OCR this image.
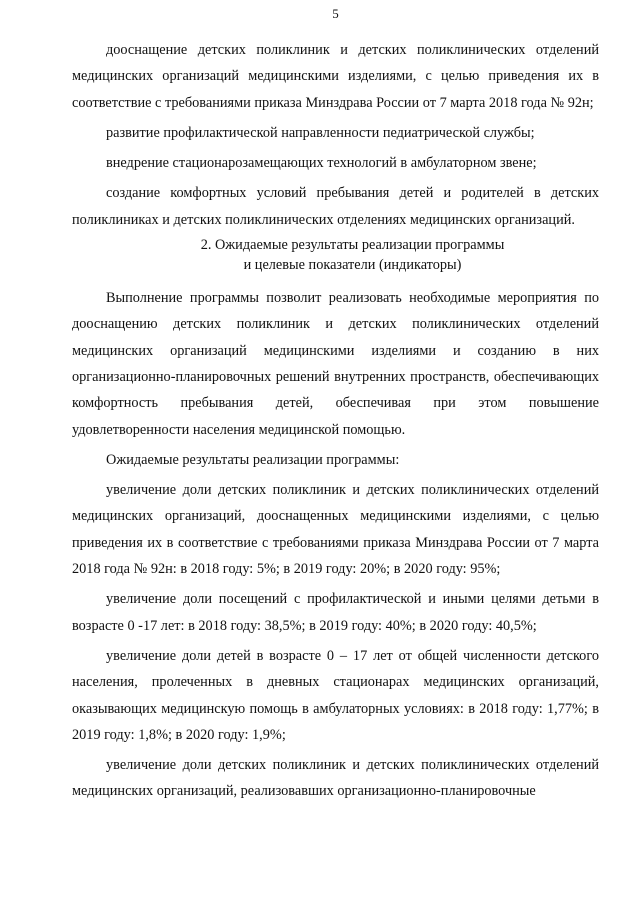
5

дооснащение детских поликлиник и детских поликлинических отделений медицинских организаций медицинскими изделиями, с целью приведения их в соответствие с требованиями приказа Минздрава России от 7 марта 2018 года № 92н;

развитие профилактической направленности педиатрической службы;

внедрение стационарозамещающих технологий в амбулаторном звене;

создание комфортных условий пребывания детей и родителей в детских поликлиниках и детских поликлинических отделениях медицинских организаций.

2. Ожидаемые результаты реализации программы
и целевые показатели (индикаторы)

Выполнение программы позволит реализовать необходимые мероприятия по дооснащению детских поликлиник и детских поликлинических отделений медицинских организаций медицинскими изделиями и созданию в них организационно-планировочных решений внутренних пространств, обеспечивающих комфортность пребывания детей, обеспечивая при этом повышение удовлетворенности населения медицинской помощью.

Ожидаемые результаты реализации программы:

увеличение доли детских поликлиник и детских поликлинических отделений медицинских организаций, дооснащенных медицинскими изделиями, с целью приведения их в соответствие с требованиями приказа Минздрава России от 7 марта 2018 года № 92н: в 2018 году: 5%; в 2019 году: 20%; в 2020 году: 95%;

увеличение доли посещений с профилактической и иными целями детьми в возрасте 0 -17 лет: в 2018 году: 38,5%; в 2019 году: 40%; в 2020 году: 40,5%;

увеличение доли детей в возрасте 0 – 17 лет от общей численности детского населения, пролеченных в дневных стационарах медицинских организаций, оказывающих медицинскую помощь в амбулаторных условиях: в 2018 году: 1,77%; в 2019 году: 1,8%; в 2020 году: 1,9%;

увеличение доли детских поликлиник и детских поликлинических отделений медицинских организаций, реализовавших организационно-планировочные
